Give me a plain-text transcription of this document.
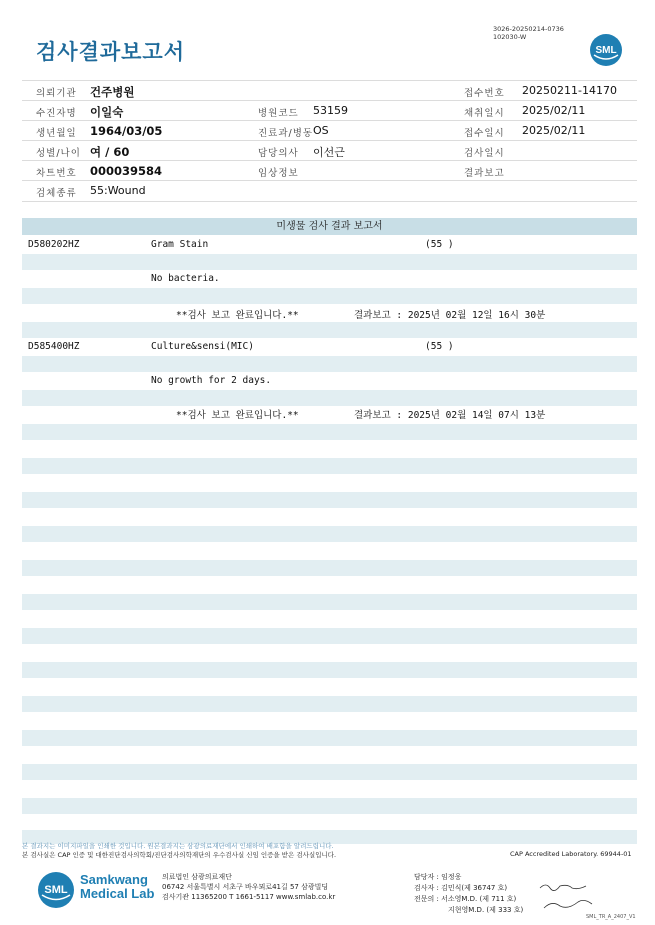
검사결과보고서
3026-20250214-0736
102030-W
SML
의뢰기관 건주병원	접수번호 20250211-14170
수진자명 이일숙	병원코드 53159	채취일시 2025/02/11
생년월일 1964/03/05	진료과/병동 OS	접수일시 2025/02/11
성별/나이 여 / 60	담당의사 이선근	검사일시
차트번호 000039584	임상정보	결과보고
검체종류 55:Wound
미생물 검사 결과 보고서
D580202HZ	Gram Stain	(55 )
No bacteria.
**검사 보고 완료입니다.**	결과보고 : 2025년 02월 12일 16시 30분
D585400HZ	Culture&sensi(MIC)	(55 )
No growth for 2 days.
**검사 보고 완료입니다.**	결과보고 : 2025년 02월 14일 07시 13분
본 결과지는 이미지파일을 인쇄한 것입니다. 원본결과지는 삼광의료재단에서 인쇄하여 배포함을 알려드립니다.
본 검사실은 CAP 인증 및 대한진단검사의학회/진단검사의학재단의 우수검사실 신임 인증을 받은 검사실입니다.	CAP Accredited Laboratory. 69944-01
SML
Samkwang
Medical Lab
의료법인 삼광의료재단
06742 서울특별시 서초구 바우뫼로41길 57 삼광빌딩
검사기관 11365200 T 1661-5117 www.smlab.co.kr
담당자 : 임정웅
검사자 : 김민식(제 36747 호)
전문의 : 서소영M.D. (제 711 호)
지현영M.D. (제 333 호)
SML_TR_A_2407_V1
